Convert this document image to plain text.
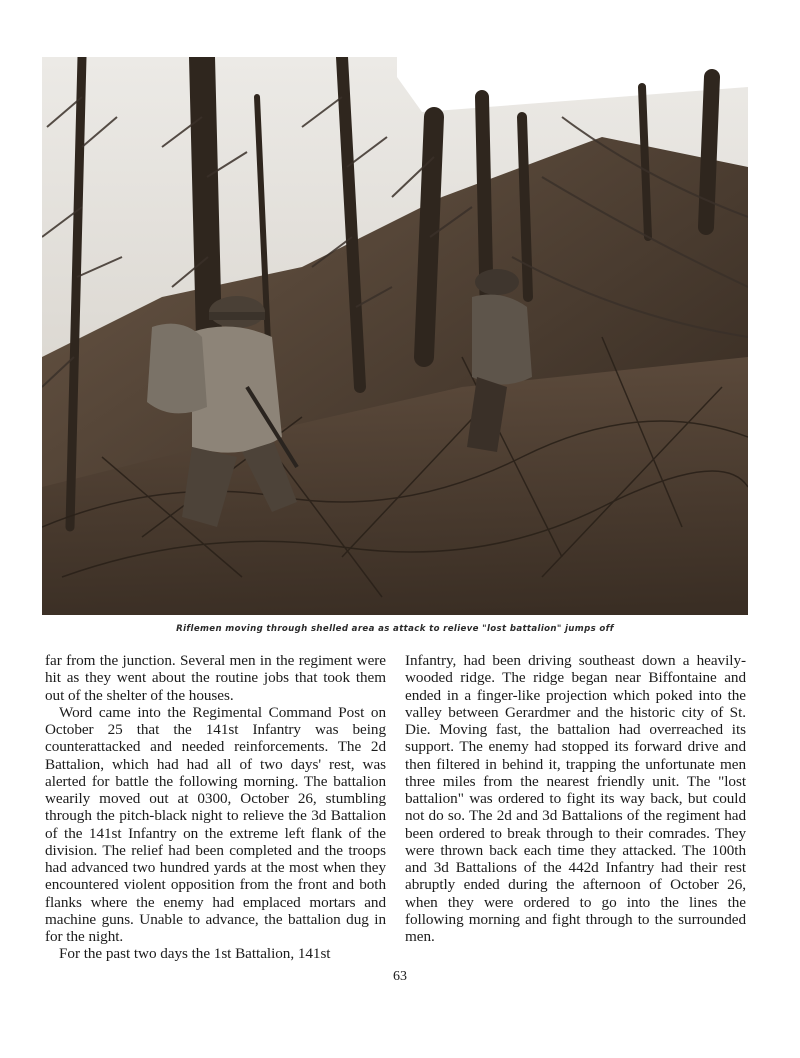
Riflemen moving through shelled area as attack to relieve "lost battalion" jumps off

far from the junction. Several men in the regiment were hit as they went about the routine jobs that took them out of the shelter of the houses.

Word came into the Regimental Command Post on October 25 that the 141st Infantry was being counterattacked and needed reinforcements. The 2d Battalion, which had had all of two days' rest, was alerted for battle the following morning. The battalion wearily moved out at 0300, October 26, stumbling through the pitch-black night to relieve the 3d Battalion of the 141st Infantry on the extreme left flank of the division. The relief had been completed and the troops had advanced two hundred yards at the most when they encountered violent opposition from the front and both flanks where the enemy had emplaced mortars and machine guns. Unable to advance, the battalion dug in for the night.

For the past two days the 1st Battalion, 141st

Infantry, had been driving southeast down a heavily-wooded ridge. The ridge began near Biffontaine and ended in a finger-like projection which poked into the valley between Gerardmer and the historic city of St. Die. Moving fast, the battalion had overreached its support. The enemy had stopped its forward drive and then filtered in behind it, trapping the unfortunate men three miles from the nearest friendly unit. The "lost battalion" was ordered to fight its way back, but could not do so. The 2d and 3d Battalions of the regiment had been ordered to break through to their comrades. They were thrown back each time they attacked. The 100th and 3d Battalions of the 442d Infantry had their rest abruptly ended during the afternoon of October 26, when they were ordered to go into the lines the following morning and fight through to the surrounded men.

63
